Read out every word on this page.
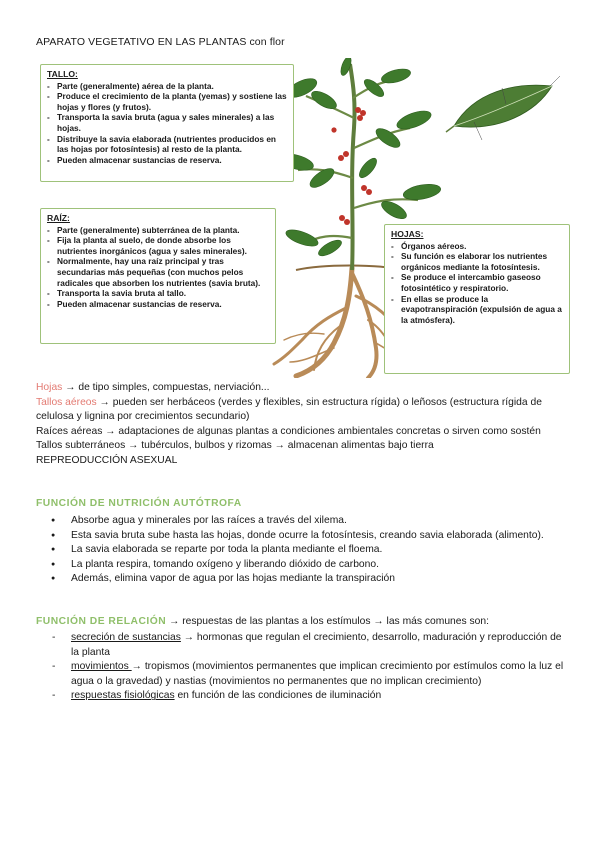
APARATO VEGETATIVO EN LAS PLANTAS con flor
TALLO:
- Parte (generalmente) aérea de la planta.
- Produce el crecimiento de la planta (yemas) y sostiene las hojas y flores (y frutos).
- Transporta la savia bruta (agua y sales minerales) a las hojas.
- Distribuye la savia elaborada (nutrientes producidos en las hojas por fotosíntesis) al resto de la planta.
- Pueden almacenar sustancias de reserva.
RAÍZ:
- Parte (generalmente) subterránea de la planta.
- Fija la planta al suelo, de donde absorbe los nutrientes inorgánicos (agua y sales minerales).
- Normalmente, hay una raíz principal y tras secundarias más pequeñas (con muchos pelos radicales que absorben los nutrientes (savia bruta).
- Transporta la savia bruta al tallo.
- Pueden almacenar sustancias de reserva.
HOJAS:
- Órganos aéreos.
- Su función es elaborar los nutrientes orgánicos mediante la fotosíntesis.
- Se produce el intercambio gaseoso fotosintético y respiratorio.
- En ellas se produce la evapotranspiración (expulsión de agua a la atmósfera).
Hojas → de tipo simples, compuestas, nerviación...
Tallos aéreos → pueden ser herbáceos (verdes y flexibles, sin estructura rígida) o leñosos (estructura rígida de celulosa y lignina por crecimientos secundario)
Raíces aéreas → adaptaciones de algunas plantas a condiciones ambientales concretas o sirven como sostén
Tallos subterráneos → tubérculos, bulbos y rizomas → almacenan alimentas bajo tierra
REPREODUCCIÓN ASEXUAL
FUNCIÓN DE NUTRICIÓN AUTÓTROFA
● Absorbe agua y minerales por las raíces a través del xilema.
● Esta savia bruta sube hasta las hojas, donde ocurre la fotosíntesis, creando savia elaborada (alimento).
● La savia elaborada se reparte por toda la planta mediante el floema.
● La planta respira, tomando oxígeno y liberando dióxido de carbono.
● Además, elimina vapor de agua por las hojas mediante la transpiración
FUNCIÓN DE RELACIÓN → respuestas de las plantas a los estímulos → las más comunes son:
- secreción de sustancias → hormonas que regulan el crecimiento, desarrollo, maduración y reproducción de la planta
- movimientos → tropismos (movimientos permanentes que implican crecimiento por estímulos como la luz el agua o la gravedad) y nastias (movimientos no permanentes que no implican crecimiento)
- respuestas fisiológicas en función de las condiciones de iluminación
